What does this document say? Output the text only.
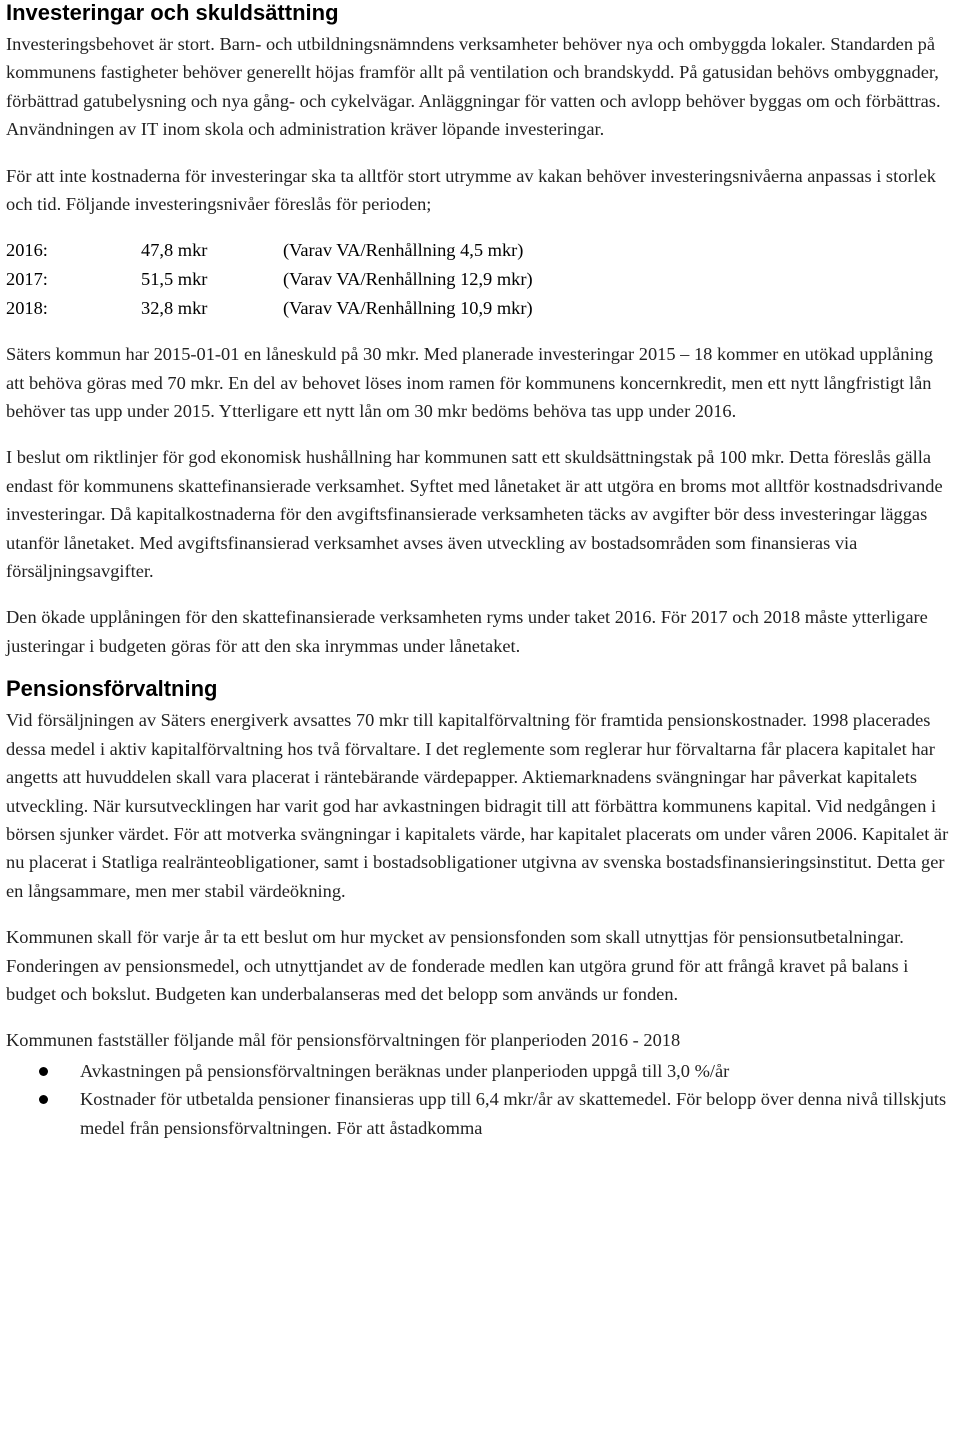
Investeringar och skuldsättning

Investeringsbehovet är stort. Barn- och utbildningsnämndens verksamheter behöver nya och ombyggda lokaler. Standarden på kommunens fastigheter behöver generellt höjas framför allt på ventilation och brandskydd. På gatusidan behövs ombyggnader, förbättrad gatubelysning och nya gång- och cykelvägar. Anläggningar för vatten och avlopp behöver byggas om och förbättras. Användningen av IT inom skola och administration kräver löpande investeringar.

För att inte kostnaderna för investeringar ska ta alltför stort utrymme av kakan behöver investeringsnivåerna anpassas i storlek och tid. Följande investeringsnivåer föreslås för perioden;

2016:	47,8 mkr	(Varav VA/Renhållning 4,5 mkr)
2017:	51,5 mkr	(Varav VA/Renhållning 12,9 mkr)
2018:	32,8 mkr	(Varav VA/Renhållning 10,9 mkr)

Säters kommun har 2015-01-01 en låneskuld på 30 mkr. Med planerade investeringar 2015 – 18 kommer en utökad upplåning att behöva göras med 70 mkr. En del av behovet löses inom ramen för kommunens koncernkredit, men ett nytt långfristigt lån behöver tas upp under 2015. Ytterligare ett nytt lån om 30 mkr bedöms behöva tas upp under 2016.

I beslut om riktlinjer för god ekonomisk hushållning har kommunen satt ett skuldsättningstak på 100 mkr. Detta föreslås gälla endast för kommunens skattefinansierade verksamhet. Syftet med lånetaket är att utgöra en broms mot alltför kostnadsdrivande investeringar. Då kapitalkostnaderna för den avgiftsfinansierade verksamheten täcks av avgifter bör dess investeringar läggas utanför lånetaket. Med avgiftsfinansierad verksamhet avses även utveckling av bostadsområden som finansieras via försäljningsavgifter.

Den ökade upplåningen för den skattefinansierade verksamheten ryms under taket 2016. För 2017 och 2018 måste ytterligare justeringar i budgeten göras för att den ska inrymmas under lånetaket.

Pensionsförvaltning

Vid försäljningen av Säters energiverk avsattes 70 mkr till kapitalförvaltning för framtida pensionskostnader. 1998 placerades dessa medel i aktiv kapitalförvaltning hos två förvaltare. I det reglemente som reglerar hur förvaltarna får placera kapitalet har angetts att huvuddelen skall vara placerat i räntebärande värdepapper. Aktiemarknadens svängningar har påverkat kapitalets utveckling. När kursutvecklingen har varit god har avkastningen bidragit till att förbättra kommunens kapital. Vid nedgången i börsen sjunker värdet. För att motverka svängningar i kapitalets värde, har kapitalet placerats om under våren 2006. Kapitalet är nu placerat i Statliga realränteobligationer, samt i bostadsobligationer utgivna av svenska bostadsfinansieringsinstitut. Detta ger en långsammare, men mer stabil värdeökning.

Kommunen skall för varje år ta ett beslut om hur mycket av pensionsfonden som skall utnyttjas för pensionsutbetalningar. Fonderingen av pensionsmedel, och utnyttjandet av de fonderade medlen kan utgöra grund för att frångå kravet på balans i budget och bokslut. Budgeten kan underbalanseras med det belopp som används ur fonden.

Kommunen fastställer följande mål för pensionsförvaltningen för planperioden 2016 - 2018

Avkastningen på pensionsförvaltningen beräknas under planperioden uppgå till 3,0 %/år
Kostnader för utbetalda pensioner finansieras upp till 6,4 mkr/år av skattemedel. För belopp över denna nivå tillskjuts medel från pensionsförvaltningen. För att åstadkomma
